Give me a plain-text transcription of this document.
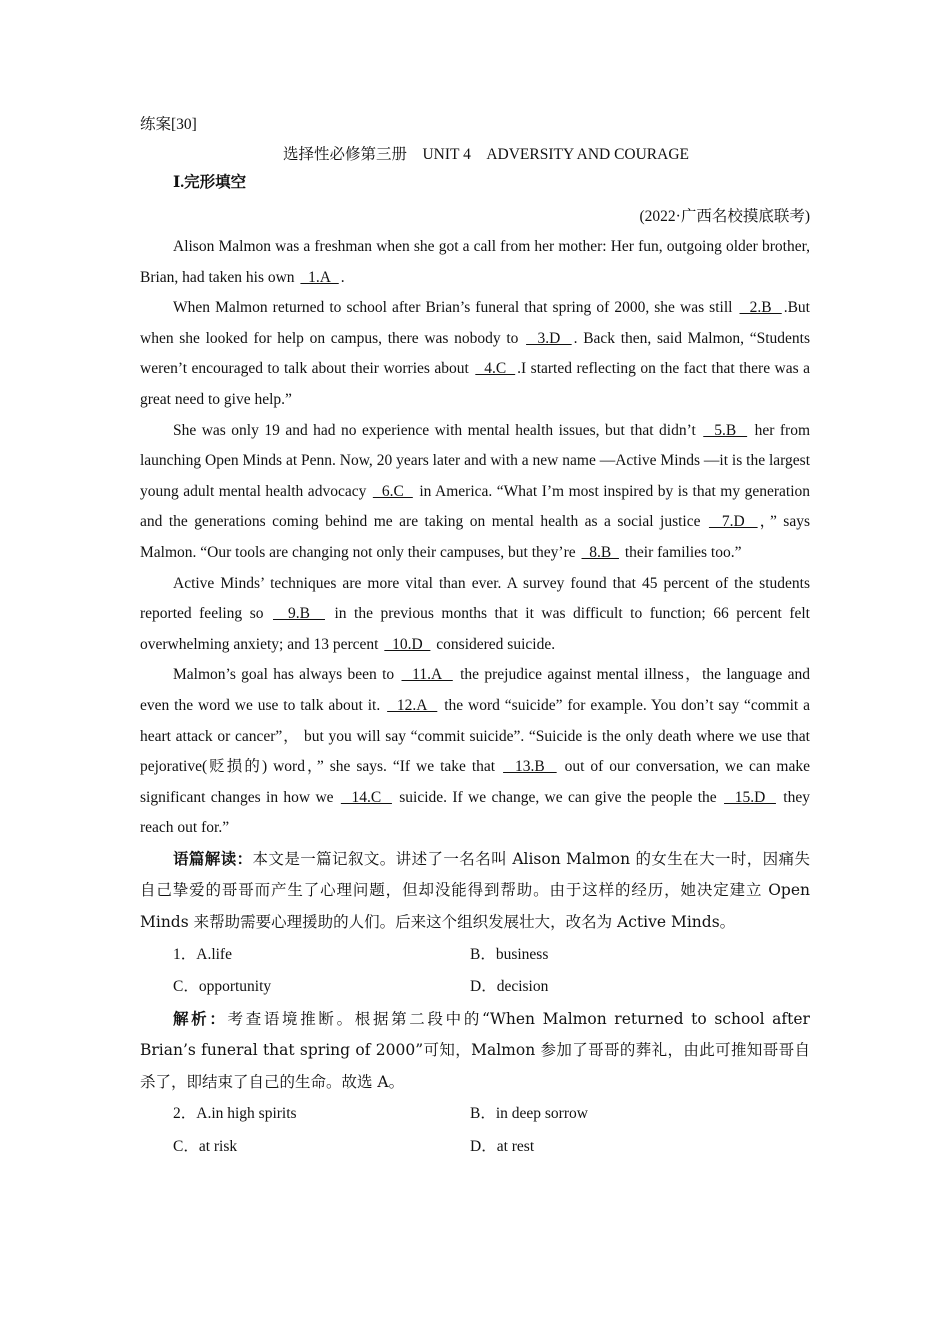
练案[30]
选择性必修第三册　UNIT 4　ADVERSITY AND COURAGE
Ⅰ.完形填空
(2022·广西名校摸底联考)

Alison Malmon was a freshman when she got a call from her mother: Her fun, outgoing older brother, Brian, had taken his own   1.A  .

When Malmon returned to school after Brian’s funeral that spring of 2000, she was still   2.B  .But when she looked for help on campus, there was nobody to   3.D  . Back then, said Malmon, “Students weren’t encouraged to talk about their worries about   4.C  .I started reflecting on the fact that there was a great need to give help.”

She was only 19 and had no experience with mental health issues, but that didn’t   5.B   her from launching Open Minds at Penn. Now, 20 years later and with a new name —Active Minds —it is the largest young adult mental health advocacy   6.C   in America. “What I’m most inspired by is that my generation and the generations coming behind me are taking on mental health as a social justice   7.D  ，” says Malmon. “Our tools are changing not only their campuses, but they’re   8.B   their families too.”

Active Minds’ techniques are more vital than ever. A survey found that 45 percent of the students reported feeling so   9.B   in the previous months that it was difficult to function; 66 percent felt overwhelming anxiety; and 13 percent   10.D   considered suicide.

Malmon’s goal has always been to   11.A   the prejudice against mental illness，the language and even the word we use to talk about it.   12.A   the word “suicide” for example. You don’t say “commit a heart attack or cancer”， but you will say “commit suicide”. “Suicide is the only death where we use that pejorative(贬损的) word，” she says. “If we take that   13.B   out of our conversation, we can make significant changes in how we   14.C   suicide. If we change, we can give the people the   15.D   they reach out for.”

语篇解读：本文是一篇记叙文。讲述了一名名叫 Alison Malmon 的女生在大一时，因痛失自己挚爱的哥哥而产生了心理问题，但却没能得到帮助。由于这样的经历，她决定建立 Open Minds 来帮助需要心理援助的人们。后来这个组织发展壮大，改名为 Active Minds。

1．A.life	B．business
C．opportunity	D．decision

解析：考查语境推断。根据第二段中的“When Malmon returned to school after Brian’s funeral that spring of 2000”可知，Malmon 参加了哥哥的葬礼，由此可推知哥哥自杀了，即结束了自己的生命。故选 A。

2．A.in high spirits	B．in deep sorrow
C．at risk	D．at rest
